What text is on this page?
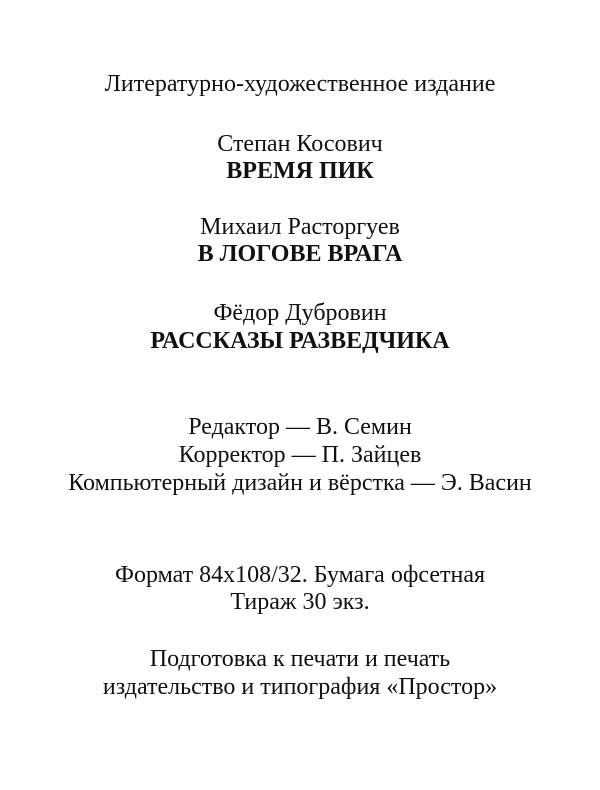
Литературно-художественное издание
Степан Косович
ВРЕМЯ ПИК
Михаил Расторгуев
В ЛОГОВЕ ВРАГА
Фёдор Дубровин
РАССКАЗЫ РАЗВЕДЧИКА
Редактор — В. Семин
Корректор — П. Зайцев
Компьютерный дизайн и вёрстка — Э. Васин
Формат 84х108/32. Бумага офсетная
Тираж 30 экз.
Подготовка к печати и печать
издательство и типография «Простор»
